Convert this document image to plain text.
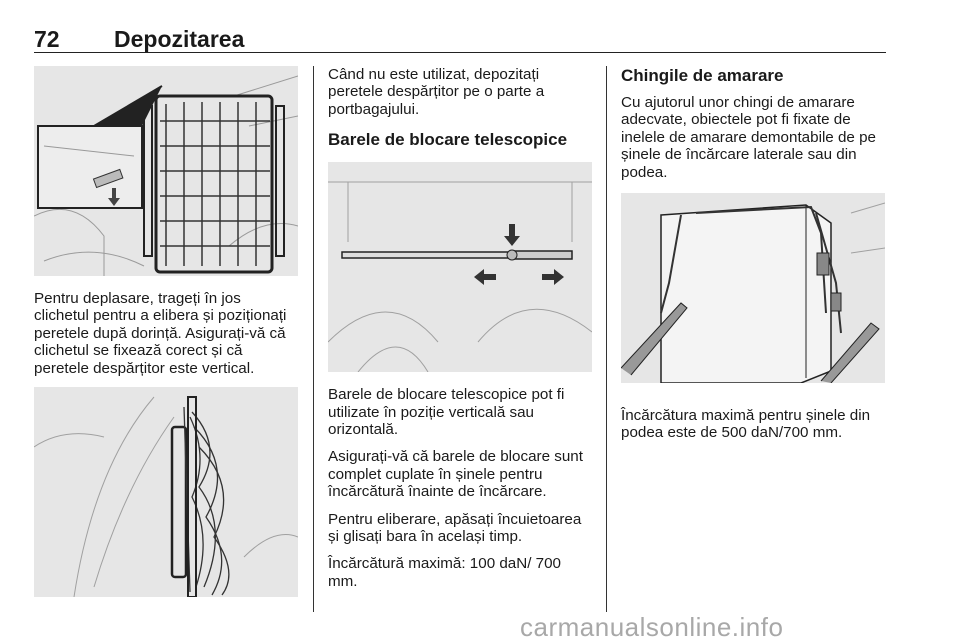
72 Depozitarea

Pentru deplasare, trageți în jos clichetul pentru a elibera și poziționați peretele după dorință. Asigurați-vă că clichetul se fixează corect și că peretele despărțitor este vertical.

Când nu este utilizat, depozitați peretele despărțitor pe o parte a portbagajului.

Barele de blocare telescopice

Barele de blocare telescopice pot fi utilizate în poziție verticală sau orizontală.

Asigurați-vă că barele de blocare sunt complet cuplate în șinele pentru încărcătură înainte de încărcare.

Pentru eliberare, apăsați încuietoarea și glisați bara în același timp.

Încărcătură maximă: 100 daN/ 700 mm.

Chingile de amarare

Cu ajutorul unor chingi de amarare adecvate, obiectele pot fi fixate de inelele de amarare demontabile de pe șinele de încărcare laterale sau din podea.

Încărcătura maximă pentru șinele din podea este de 500 daN/700 mm.

carmanualsonline.info
